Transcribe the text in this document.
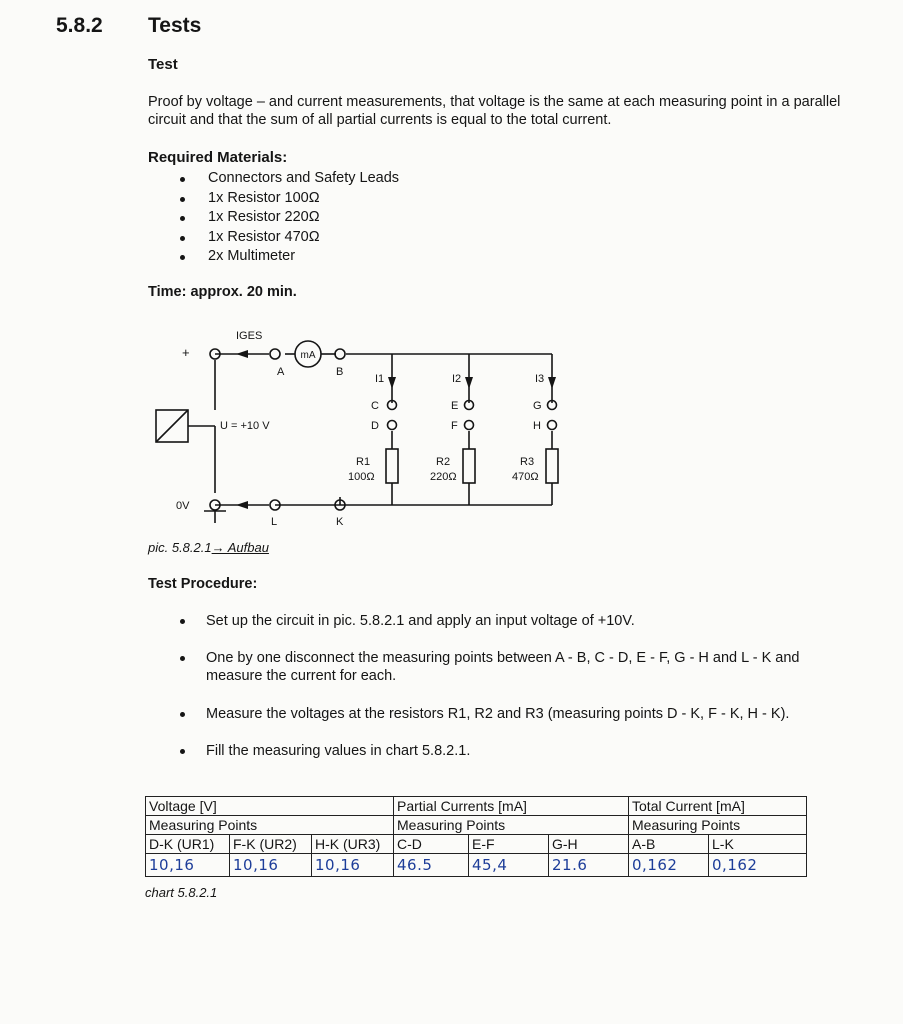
5.8.2 Tests
Test
Proof by voltage – and current measurements, that voltage is the same at each measuring point in a parallel circuit and that the sum of all partial currents is equal to the total current.
Required Materials:
Connectors and Safety Leads
1x Resistor 100Ω
1x Resistor 220Ω
1x Resistor 470Ω
2x Multimeter
Time: approx. 20 min.
IGES
+
U = +10 V
0V
mA
A	B
C
D
E
F
G
H
K
L
I1	I2	I3
R1
100Ω
R2
220Ω
R3
470Ω
pic. 5.8.2.1→ Aufbau
Test Procedure:
Set up the circuit in pic. 5.8.2.1 and apply an input voltage of +10V.
One by one disconnect the measuring points between A - B, C - D, E - F, G - H and L - K and measure the current for each.
Measure the voltages at the resistors R1, R2 and R3 (measuring points D - K, F - K, H - K).
Fill the measuring values in chart 5.8.2.1.
Voltage [V]			Partial Currents [mA]			Total Current [mA]	
Measuring Points			Measuring Points			Measuring Points	
D-K (UR1)	F-K (UR2)	H-K (UR3)	C-D	E-F	G-H	A-B	L-K
10,16	10,16	10,16	46.5	45,4	21.6	0,162	0,162
chart 5.8.2.1
